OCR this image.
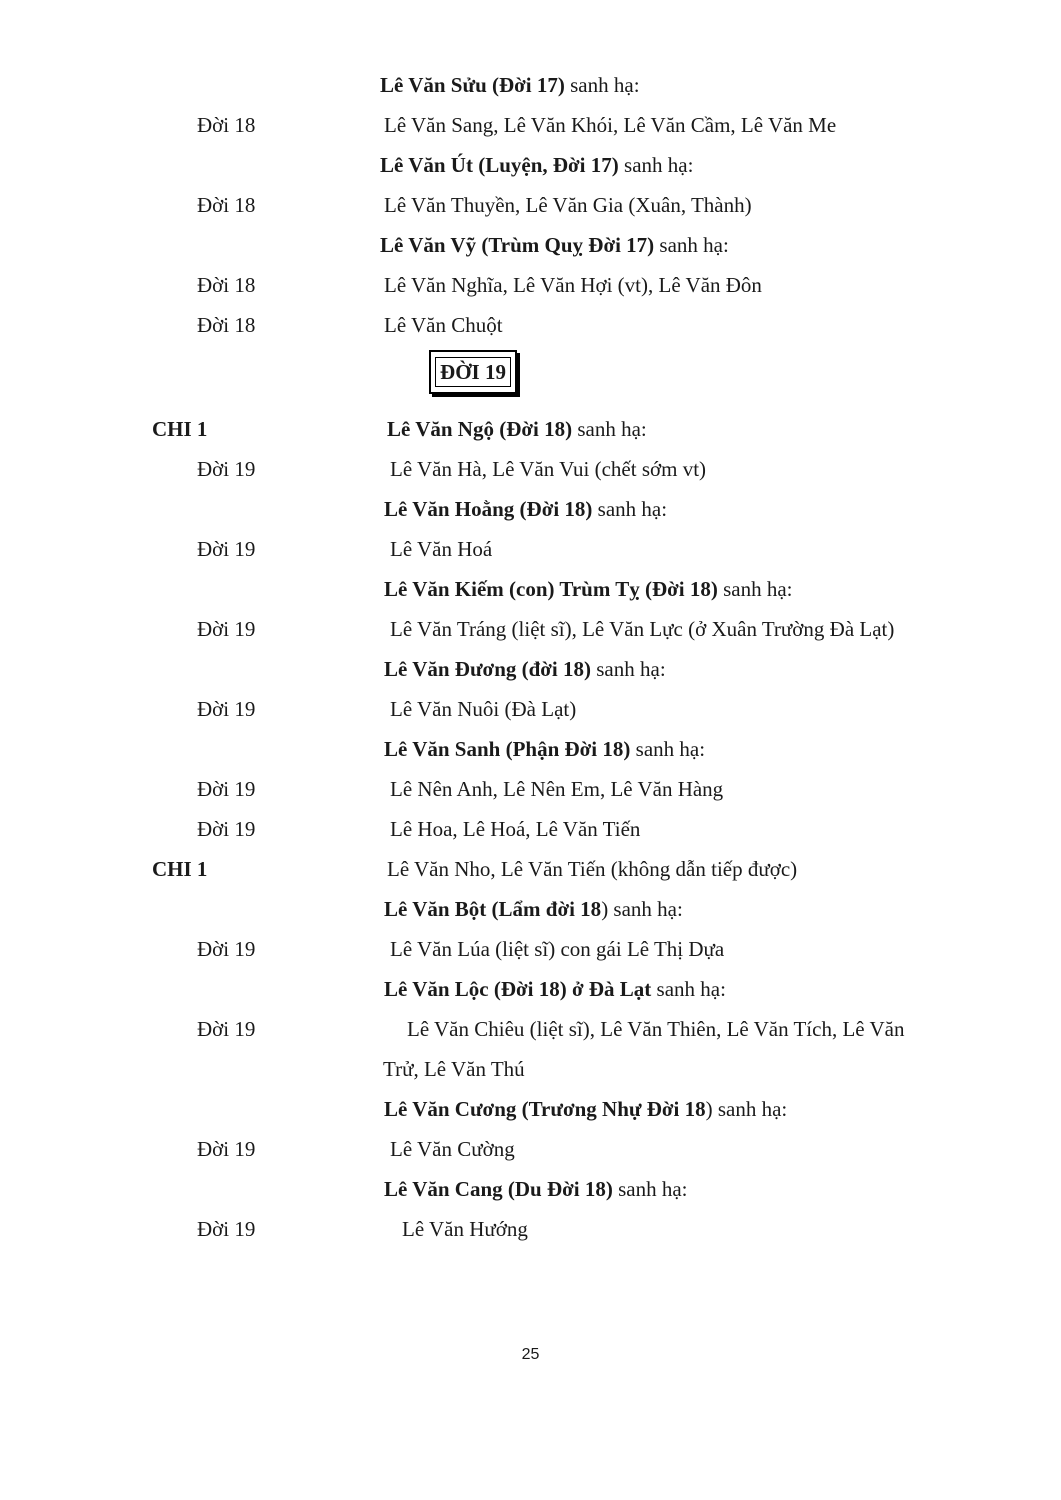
Lê Văn Sửu (Đời 17) sanh hạ:
Đời 18	Lê Văn Sang, Lê Văn Khói, Lê Văn Cầm, Lê Văn Me
Lê Văn Út (Luyện, Đời 17) sanh hạ:
Đời 18	Lê Văn Thuyền, Lê Văn Gia (Xuân, Thành)
Lê Văn Vỹ (Trùm Quỵ Đời 17) sanh hạ:
Đời 18	Lê Văn Nghĩa, Lê Văn Hợi (vt), Lê Văn Đôn
Đời 18	Lê Văn Chuột
ĐỜI 19
CHI 1	Lê Văn Ngộ (Đời 18) sanh hạ:
Đời 19	Lê Văn Hà, Lê Văn Vui (chết sớm vt)
Lê Văn Hoằng (Đời 18) sanh hạ:
Đời 19	Lê Văn Hoá
Lê Văn Kiếm (con) Trùm Tỵ (Đời 18) sanh hạ:
Đời 19	Lê Văn Tráng (liệt sĩ), Lê Văn Lực (ở Xuân Trường Đà Lạt)
Lê Văn Đương (đời 18) sanh hạ:
Đời 19	Lê Văn Nuôi (Đà Lạt)
Lê Văn Sanh (Phận Đời 18) sanh hạ:
Đời 19	Lê Nên Anh, Lê Nên Em, Lê Văn Hàng
Đời 19	Lê Hoa, Lê Hoá, Lê Văn Tiến
CHI 1	Lê Văn Nho, Lê Văn Tiến (không dẫn tiếp được)
Lê Văn Bột (Lẩm đời 18) sanh hạ:
Đời 19	Lê Văn Lúa (liệt sĩ) con gái Lê Thị Dựa
Lê Văn Lộc (Đời 18) ở Đà Lạt sanh hạ:
Đời 19	Lê Văn Chiêu (liệt sĩ), Lê Văn Thiên, Lê Văn Tích, Lê Văn
Trử, Lê Văn Thú
Lê Văn Cương (Trương Nhự Đời 18) sanh hạ:
Đời 19	Lê Văn Cường
Lê Văn Cang (Du Đời 18) sanh hạ:
Đời 19	Lê Văn Hướng
25
